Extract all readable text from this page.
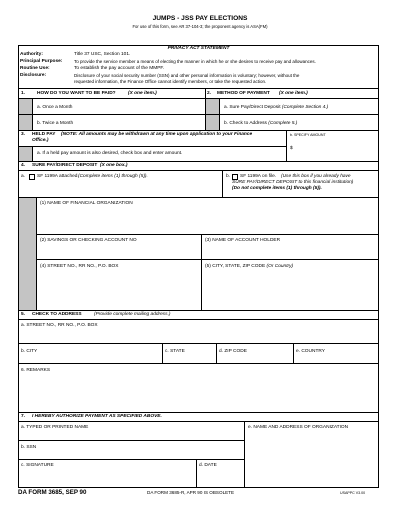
JUMPS - JSS PAY ELECTIONS
For use of this form, see AR 37-104-3; the proponent agency is ASA(FM)
PRIVACY ACT STATEMENT
Authority:	Title 37 USC, Section 101.
Principal Purpose:	To provide the service member a means of electing the manner in which he or she desires to receive pay and allowances.
Routine Use:	To establish the pay account of the MMPF.
Disclosure:	Disclosure of your social security number (SSN) and other personal information is voluntary; however, without the
requested information, the Finance Office cannot identify members, or take the requested action.
1. HOW DO YOU WANT TO BE PAID?	(X one item.)	2. METHOD OF PAYMENT (X one item.)
a. Once a Month
b. Twice a Month
a. Sure Pay/Direct Deposit (Complete Section 4.)
b. Check to Address (Complete 5.)
3. HELD PAY (NOTE: All amounts may be withdrawn at any time upon application to your Finance
Office.)
b. SPECIFY AMOUNT
$
a. If a held pay amount is also desired, check box and enter amount.
4. SURE PAY/DIRECT DEPOSIT (X one box.)
a. SF 1199A attached. (Complete items (1) through (5)).	b. SF 1199A on file. (Use this box if you already have
SURE PAY/DIRECT DEPOSIT to this financial institution)
(Do not complete items (1) through (5)).
(1) NAME OF FINANCIAL ORGANIZATION
(2) SAVINGS OR CHECKING ACCOUNT NO	(3) NAME OF ACCOUNT HOLDER
(4) STREET NO., RR NO., P.O. BOX	(5) CITY, STATE, ZIP CODE (Or Country)
5. CHECK TO ADDRESS	(Provide complete mailing address.)
a. STREET NO., RR NO., P.O. BOX
b. CITY	c. STATE	d. ZIP CODE	e. COUNTRY
6. REMARKS
7. I HEREBY AUTHORIZE PAYMENT AS SPECIFIED ABOVE.
a. TYPED OR PRINTED NAME
b. SSN
c. SIGNATURE	d. DATE
e. NAME AND ADDRESS OF ORGANIZATION
DA FORM 3685, SEP 90	DA FORM 3685-R, APR 90 IS OBSOLETE	USAPPC V3.00
